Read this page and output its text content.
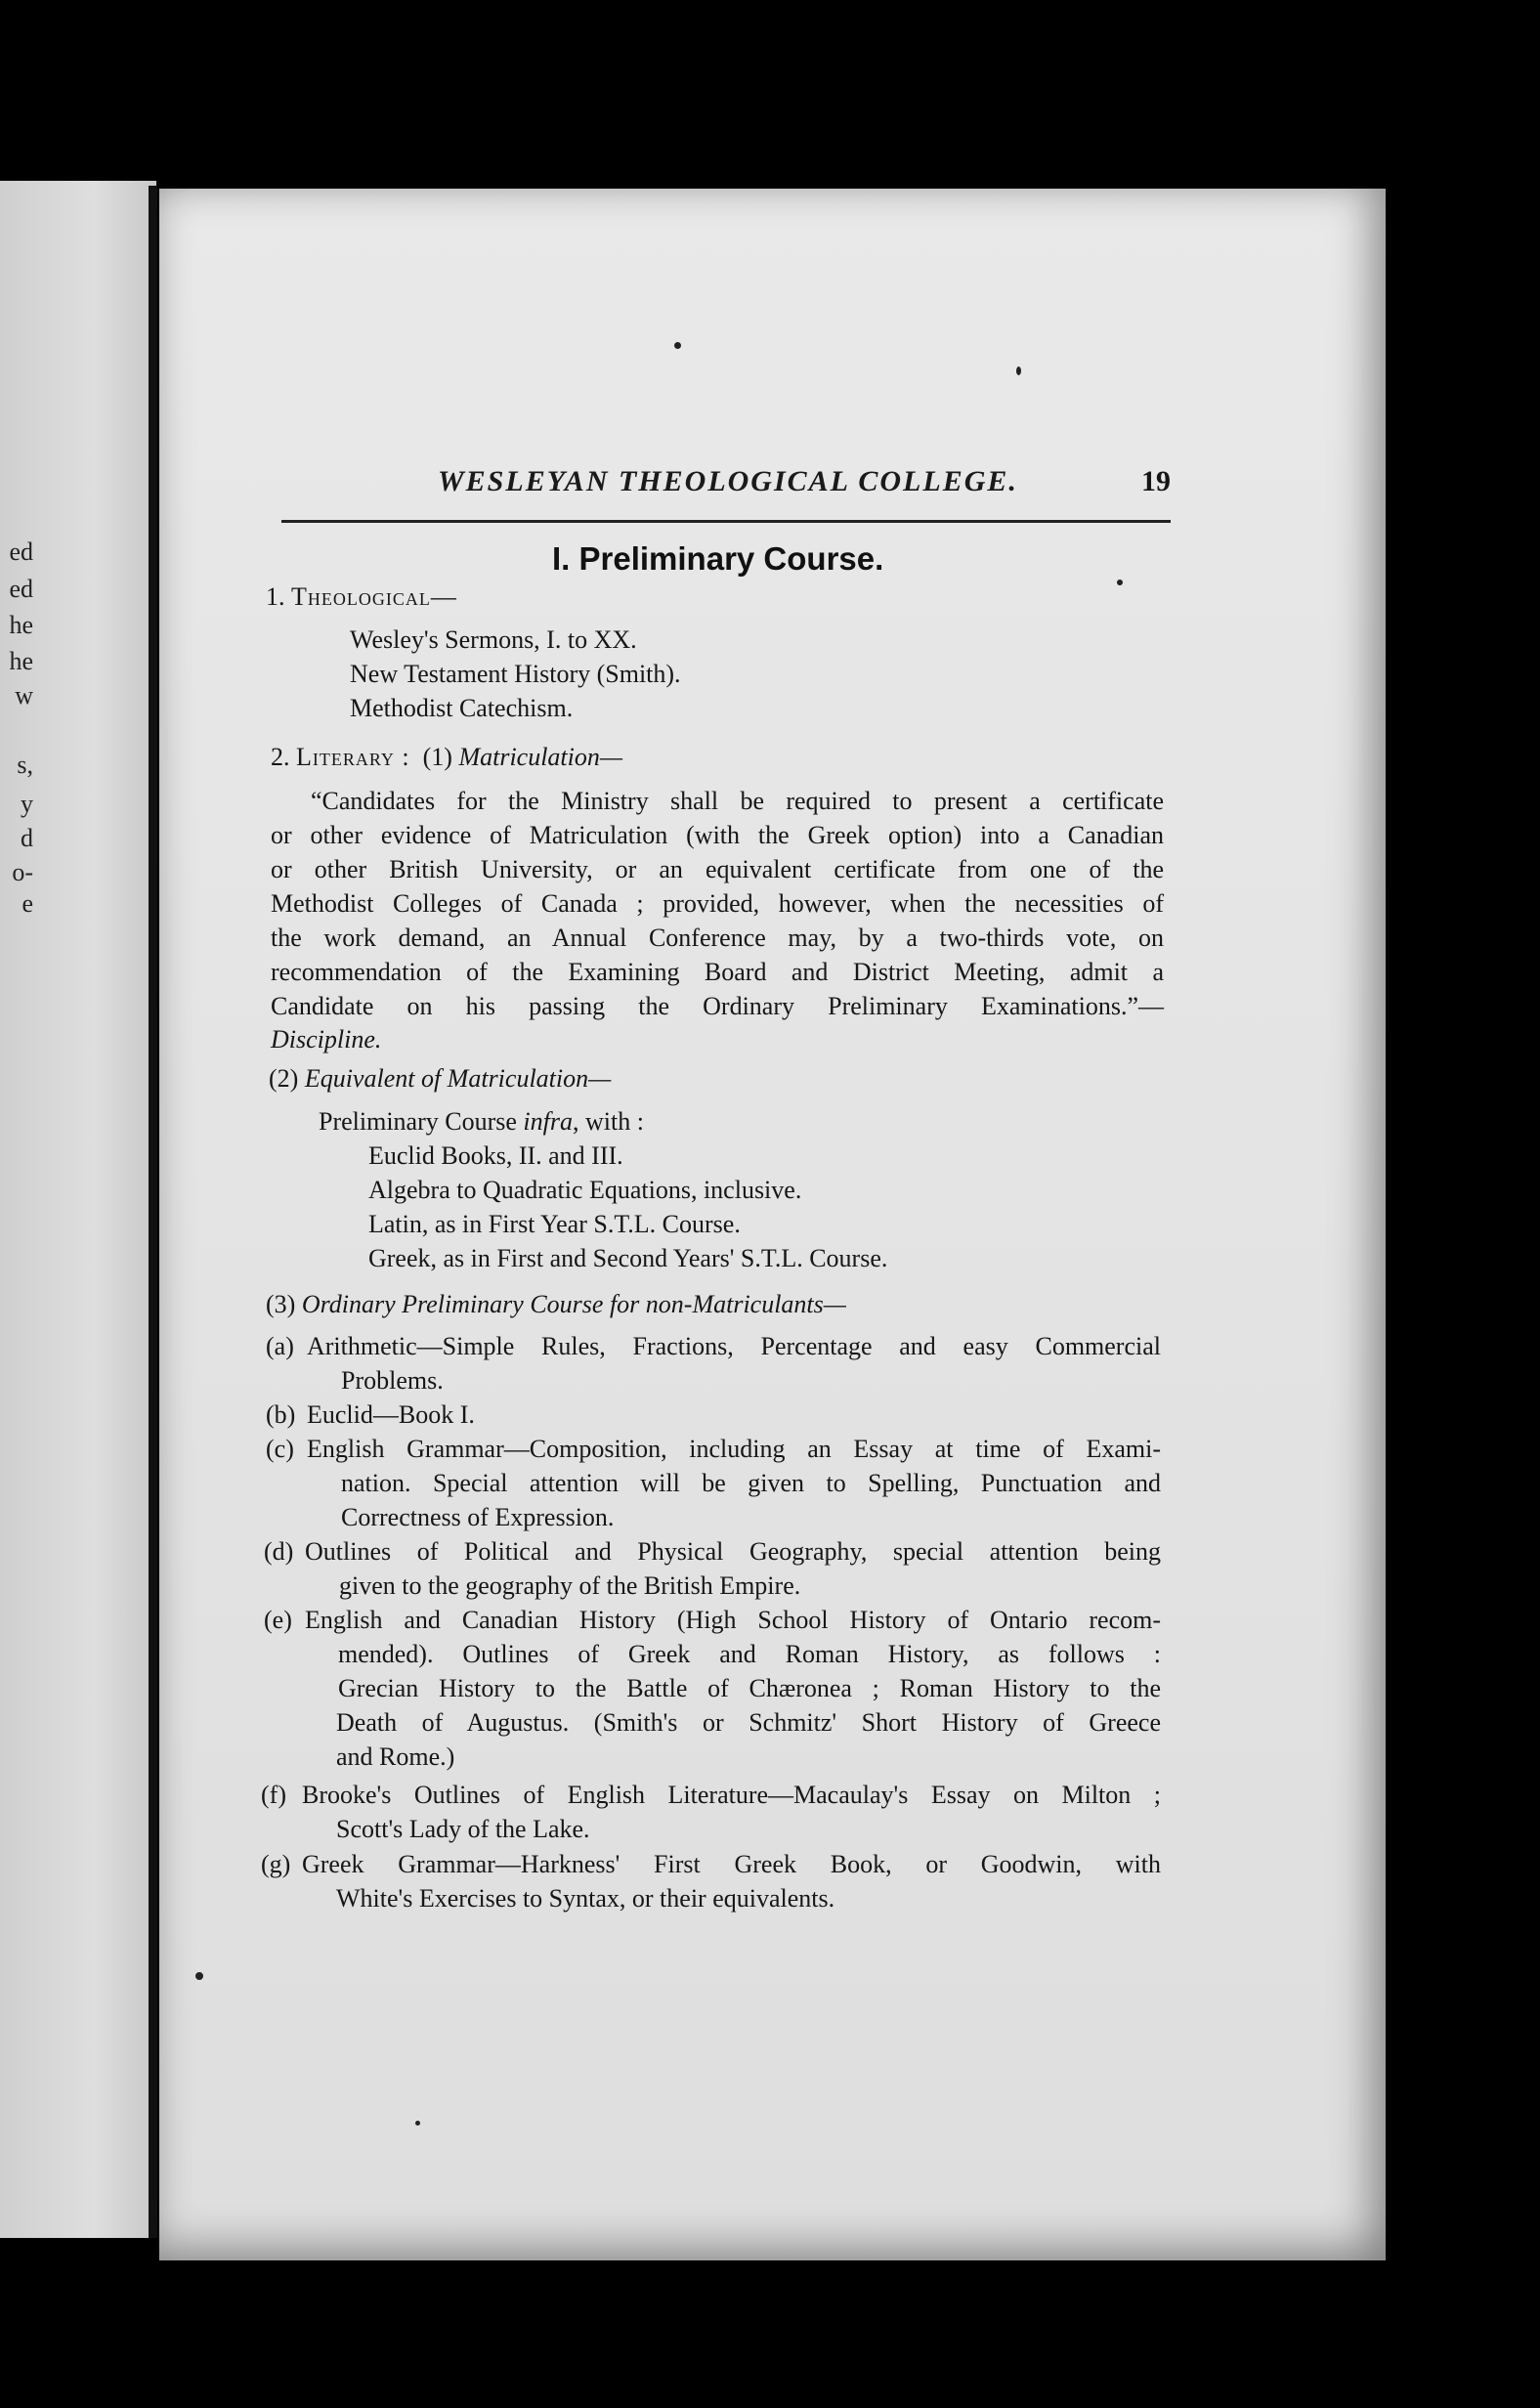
ed
ed
he
he
w
s,
y
d
o-
e
WESLEYAN THEOLOGICAL COLLEGE.	19
I. Preliminary Course.
1. Theological—
Wesley's Sermons, I. to XX.
New Testament History (Smith).
Methodist Catechism.
2. Literary : (1) Matriculation—
“Candidates for the Ministry shall be required to present a certificate
or other evidence of Matriculation (with the Greek option) into a Canadian
or other British University, or an equivalent certificate from one of the
Methodist Colleges of Canada ; provided, however, when the necessities of
the work demand, an Annual Conference may, by a two-thirds vote, on
recommendation of the Examining Board and District Meeting, admit a
Candidate on his passing the Ordinary Preliminary Examinations.”—
Discipline.
(2) Equivalent of Matriculation—
Preliminary Course infra, with :
Euclid Books, II. and III.
Algebra to Quadratic Equations, inclusive.
Latin, as in First Year S.T.L. Course.
Greek, as in First and Second Years' S.T.L. Course.
(3) Ordinary Preliminary Course for non-Matriculants—
(a) Arithmetic—Simple Rules, Fractions, Percentage and easy Commercial
Problems.
(b) Euclid—Book I.
(c) English Grammar—Composition, including an Essay at time of Exami-
nation. Special attention will be given to Spelling, Punctuation and
Correctness of Expression.
(d) Outlines of Political and Physical Geography, special attention being
given to the geography of the British Empire.
(e) English and Canadian History (High School History of Ontario recom-
mended). Outlines of Greek and Roman History, as follows :
Grecian History to the Battle of Chæronea ; Roman History to the
Death of Augustus. (Smith's or Schmitz' Short History of Greece
and Rome.)
(f) Brooke's Outlines of English Literature—Macaulay's Essay on Milton ;
Scott's Lady of the Lake.
(g) Greek Grammar—Harkness' First Greek Book, or Goodwin, with
White's Exercises to Syntax, or their equivalents.
